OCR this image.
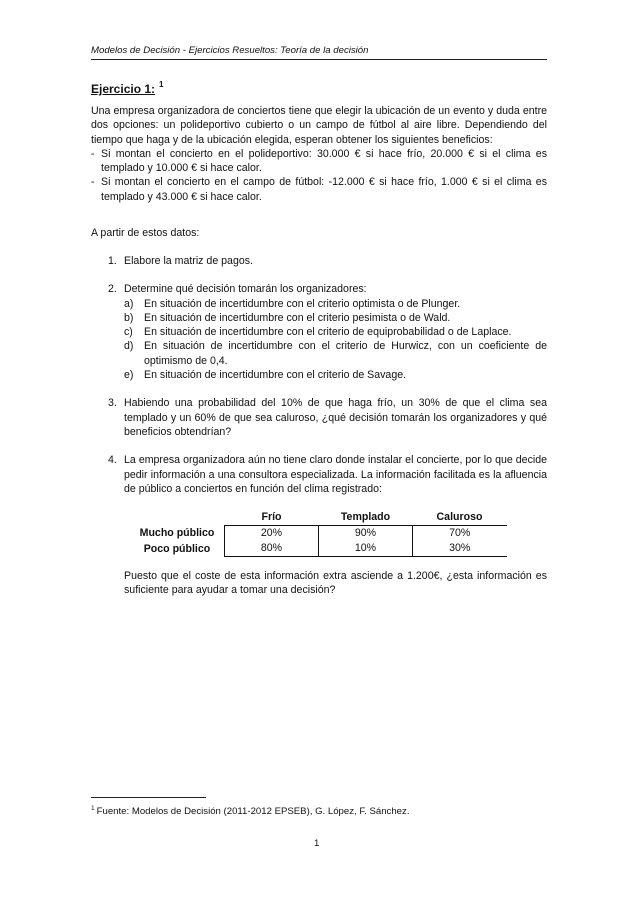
Modelos de Decisión - Ejercicios Resueltos: Teoría de la decisión
Ejercicio 1: $^1$

Una empresa organizadora de conciertos tiene que elegir la ubicación de un evento y duda entre dos opciones: un polideportivo cubierto o un campo de fútbol al aire libre. Dependiendo del tiempo que haga y de la ubicación elegida, esperan obtener los siguientes beneficios:

- Si montan el concierto en el polideportivo: 30.000 € si hace frío, 20.000 € si el clima es templado y 10.000 € si hace calor.
- Si montan el concierto en el campo de fútbol: -12.000 € si hace frío, 1.000 € si el clima es templado y 43.000 € si hace calor.
A partir de estos datos:
1. Elabore la matriz de pagos.
2. Determine qué decisión tomarán los organizadores:
a) En situación de incertidumbre con el criterio optimista o de Plunger.
b) En situación de incertidumbre con el criterio pesimista o de Wald.
c) En situación de incertidumbre con el criterio de equiprobabilidad o de Laplace.
d) En situación de incertidumbre con el criterio de Hurwicz, con un coeficiente de optimismo de 0,4.
e) En situación de incertidumbre con el criterio de Savage.
3. Habiendo una probabilidad del 10% de que haga frío, un 30% de que el clima sea templado y un 60% de que sea caluroso, ¿qué decisión tomarán los organizadores y qué beneficios obtendrían?
4. La empresa organizadora aún no tiene claro donde instalar el concierte, por lo que decide pedir información a una consultora especializada. La información facilitada es la afluencia de público a conciertos en función del clima registrado:
	Frío	Templado	Caluroso
Mucho público	20%	90%	70%
Poco público	80%	10%	30%
Puesto que el coste de esta información extra asciende a 1.200€, ¿esta información es suficiente para ayudar a tomar una decisión?
$^1$ Fuente: Modelos de Decisión (2011-2012 EPSEB), G. López, F. Sánchez.
1
